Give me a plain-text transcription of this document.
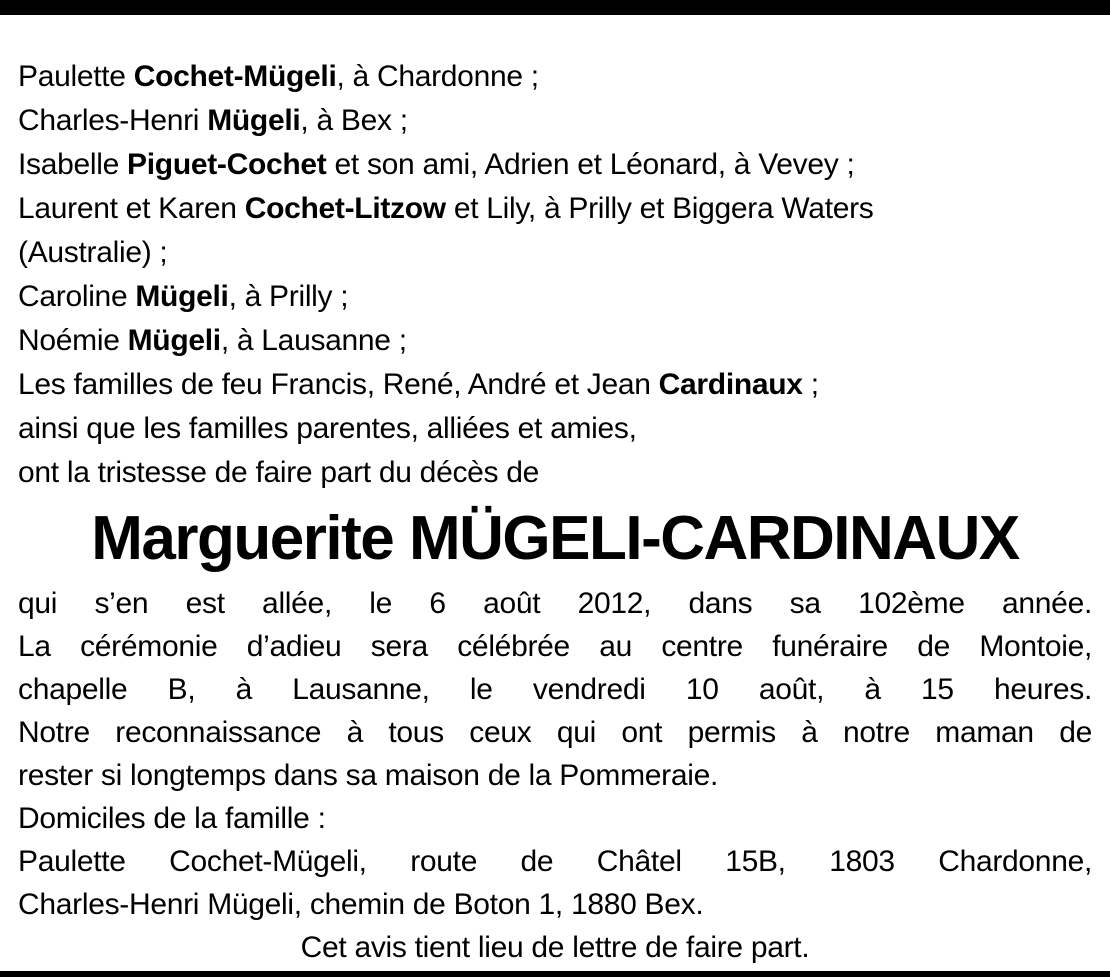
Paulette Cochet-Mügeli, à Chardonne ;
Charles-Henri Mügeli, à Bex ;
Isabelle Piguet-Cochet et son ami, Adrien et Léonard, à Vevey ;
Laurent et Karen Cochet-Litzow et Lily, à Prilly et Biggera Waters
(Australie) ;
Caroline Mügeli, à Prilly ;
Noémie Mügeli, à Lausanne ;
Les familles de feu Francis, René, André et Jean Cardinaux ;
ainsi que les familles parentes, alliées et amies,
ont la tristesse de faire part du décès de
Marguerite MÜGELI-CARDINAUX
qui s’en est allée, le 6 août 2012, dans sa 102ème année.
La cérémonie d’adieu sera célébrée au centre funéraire de Montoie,
chapelle B, à Lausanne, le vendredi 10 août, à 15 heures.
Notre reconnaissance à tous ceux qui ont permis à notre maman de
rester si longtemps dans sa maison de la Pommeraie.
Domiciles de la famille :
Paulette Cochet-Mügeli, route de Châtel 15B, 1803 Chardonne,
Charles-Henri Mügeli, chemin de Boton 1, 1880 Bex.
Cet avis tient lieu de lettre de faire part.
